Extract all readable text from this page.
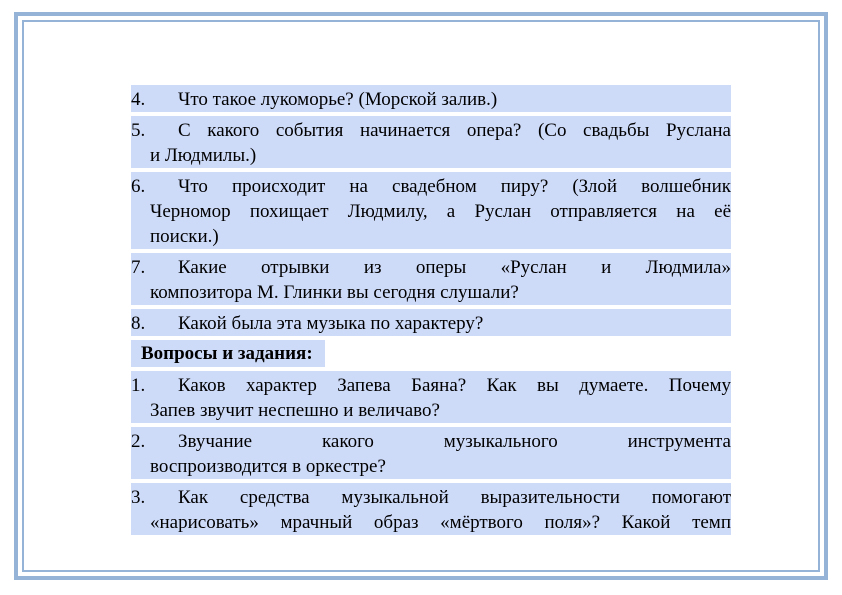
4. Что такое лукоморье? (Морской залив.)
5. С какого события начинается опера? (Со свадьбы Руслана
и Людмилы.)
6. Что происходит на свадебном пиру? (Злой волшебник
Черномор похищает Людмилу, а Руслан отправляется на её
поиски.)
7. Какие отрывки из оперы «Руслан и Людмила»
композитора М. Глинки вы сегодня слушали?
8. Какой была эта музыка по характеру?
Вопросы и задания:
1. Каков характер Запева Баяна? Как вы думаете. Почему
Запев звучит неспешно и величаво?
2. Звучание какого музыкального инструмента
воспроизводится в оркестре?
3. Как средства музыкальной выразительности помогают
«нарисовать» мрачный образ «мёртвого поля»? Какой темп
